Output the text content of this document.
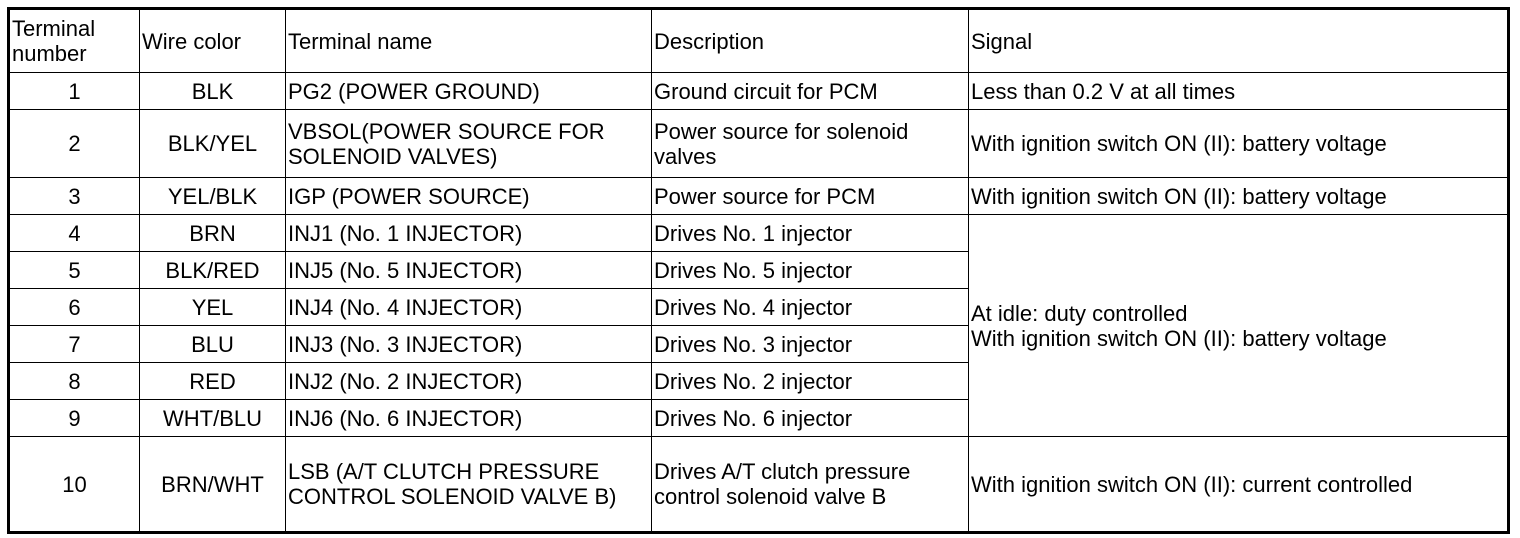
Terminal number	Wire color	Terminal name	Description	Signal
1	BLK	PG2 (POWER GROUND)	Ground circuit for PCM	Less than 0.2 V at all times
2	BLK/YEL	VBSOL(POWER SOURCE FOR SOLENOID VALVES)	Power source for solenoid valves	With ignition switch ON (II): battery voltage
3	YEL/BLK	IGP (POWER SOURCE)	Power source for PCM	With ignition switch ON (II): battery voltage
4	BRN	INJ1 (No. 1 INJECTOR)	Drives No. 1 injector	At idle: duty controlled
With ignition switch ON (II): battery voltage

5	BLK/RED	INJ5 (No. 5 INJECTOR)	Drives No. 5 injector	
6	YEL	INJ4 (No. 4 INJECTOR)	Drives No. 4 injector	
7	BLU	INJ3 (No. 3 INJECTOR)	Drives No. 3 injector	
8	RED	INJ2 (No. 2 INJECTOR)	Drives No. 2 injector	
9	WHT/BLU	INJ6 (No. 6 INJECTOR)	Drives No. 6 injector	
10	BRN/WHT	LSB (A/T CLUTCH PRESSURE CONTROL SOLENOID VALVE B)	Drives A/T clutch pressure control solenoid valve B	With ignition switch ON (II): current controlled
